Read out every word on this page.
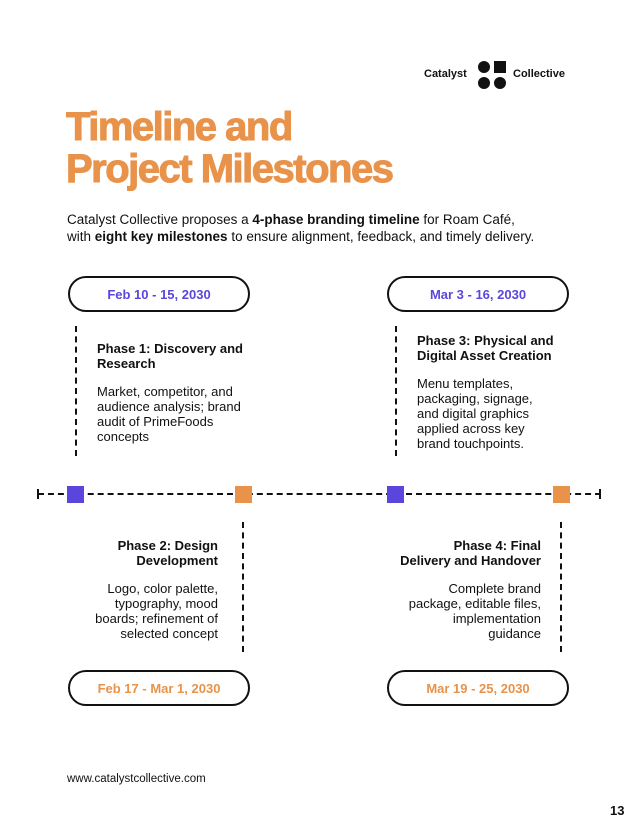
Catalyst	Collective
Timeline and
Project Milestones
Catalyst Collective proposes a 4-phase branding timeline for Roam Café,
with eight key milestones to ensure alignment, feedback, and timely delivery.
Feb 10 - 15, 2030	Mar 3 - 16, 2030
Feb 17 - Mar 1, 2030	Mar 19 - 25, 2030
Phase 1: Discovery and Research

Market, competitor, and audience analysis; brand audit of PrimeFoods concepts

Phase 3: Physical and Digital Asset Creation

Menu templates, packaging, signage, and digital graphics applied across key brand touchpoints.

Phase 2: Design Development

Logo, color palette, typography, mood boards; refinement of selected concept

Phase 4: Final Delivery and Handover

Complete brand package, editable files, implementation guidance

www.catalystcollective.com
13
